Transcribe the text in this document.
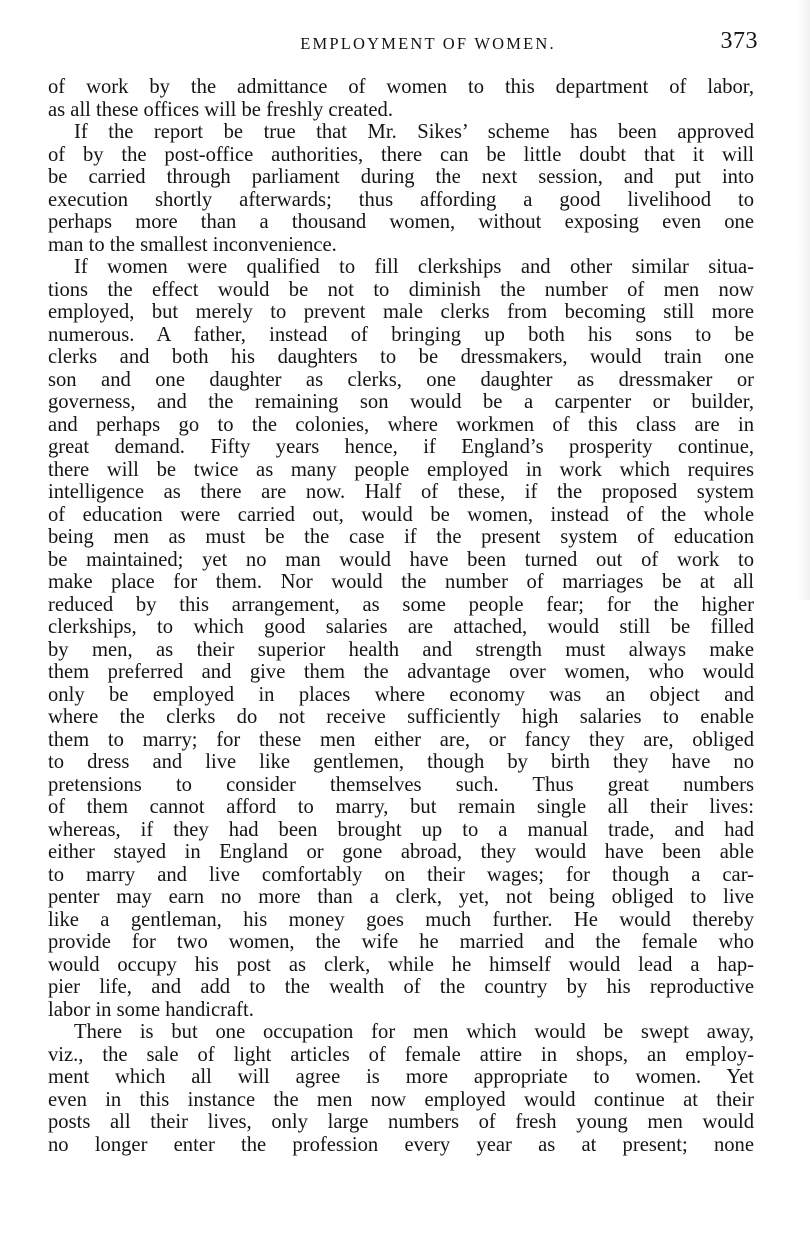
EMPLOYMENT OF WOMEN.	373
of work by the admittance of women to this department of labor,
as all these offices will be freshly created.
If the report be true that Mr. Sikes’ scheme has been approved
of by the post-office authorities, there can be little doubt that it will
be carried through parliament during the next session, and put into
execution shortly afterwards; thus affording a good livelihood to
perhaps more than a thousand women, without exposing even one
man to the smallest inconvenience.
If women were qualified to fill clerkships and other similar situa-
tions the effect would be not to diminish the number of men now
employed, but merely to prevent male clerks from becoming still more
numerous. A father, instead of bringing up both his sons to be
clerks and both his daughters to be dressmakers, would train one
son and one daughter as clerks, one daughter as dressmaker or
governess, and the remaining son would be a carpenter or builder,
and perhaps go to the colonies, where workmen of this class are in
great demand. Fifty years hence, if England’s prosperity continue,
there will be twice as many people employed in work which requires
intelligence as there are now. Half of these, if the proposed system
of education were carried out, would be women, instead of the whole
being men as must be the case if the present system of education
be maintained; yet no man would have been turned out of work to
make place for them. Nor would the number of marriages be at all
reduced by this arrangement, as some people fear; for the higher
clerkships, to which good salaries are attached, would still be filled
by men, as their superior health and strength must always make
them preferred and give them the advantage over women, who would
only be employed in places where economy was an object and
where the clerks do not receive sufficiently high salaries to enable
them to marry; for these men either are, or fancy they are, obliged
to dress and live like gentlemen, though by birth they have no
pretensions to consider themselves such. Thus great numbers
of them cannot afford to marry, but remain single all their lives:
whereas, if they had been brought up to a manual trade, and had
either stayed in England or gone abroad, they would have been able
to marry and live comfortably on their wages; for though a car-
penter may earn no more than a clerk, yet, not being obliged to live
like a gentleman, his money goes much further. He would thereby
provide for two women, the wife he married and the female who
would occupy his post as clerk, while he himself would lead a hap-
pier life, and add to the wealth of the country by his reproductive
labor in some handicraft.
There is but one occupation for men which would be swept away,
viz., the sale of light articles of female attire in shops, an employ-
ment which all will agree is more appropriate to women. Yet
even in this instance the men now employed would continue at their
posts all their lives, only large numbers of fresh young men would
no longer enter the profession every year as at present; none
